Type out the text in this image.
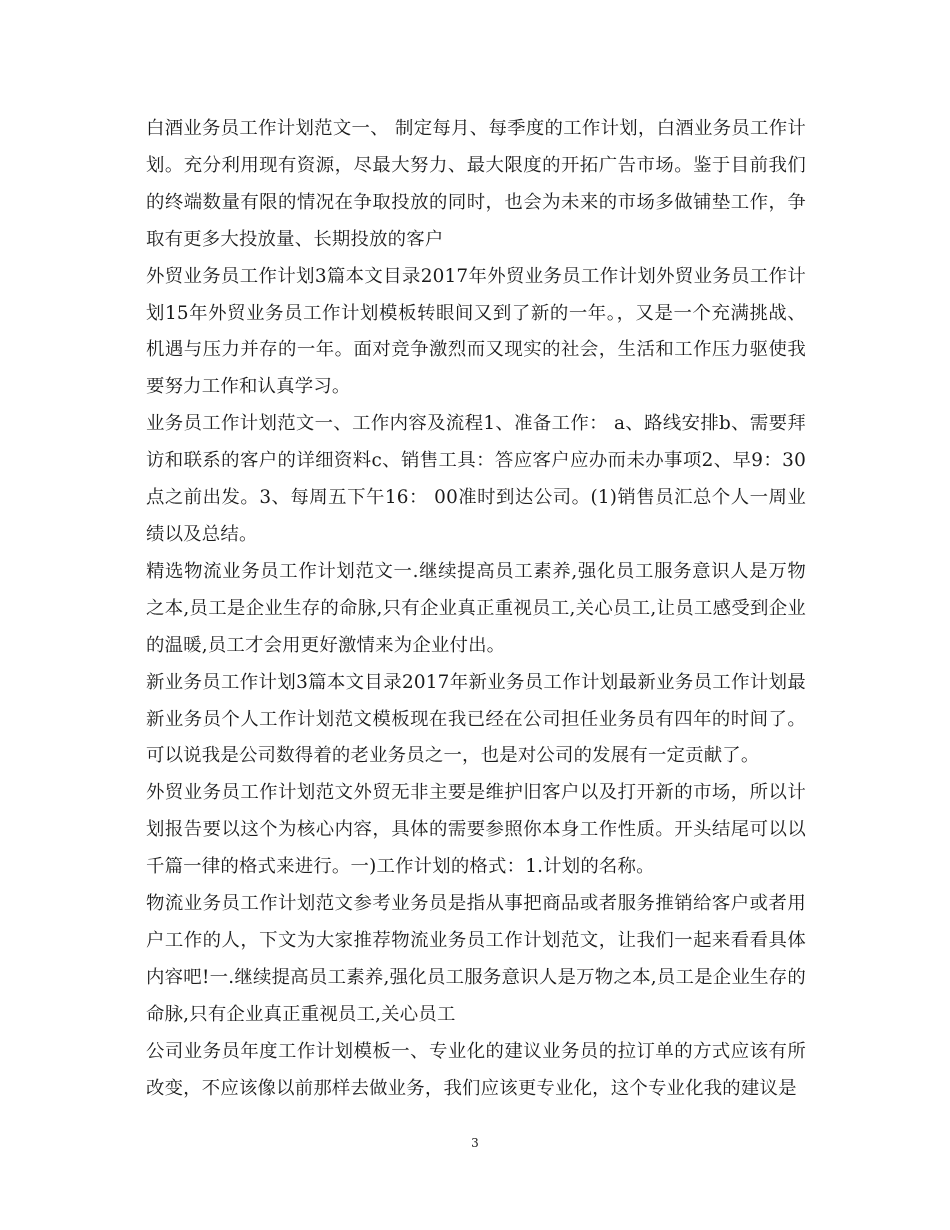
白酒业务员工作计划范文一、 制定每月、每季度的工作计划，白酒业务员工作计划。充分利用现有资源，尽最大努力、最大限度的开拓广告市场。鉴于目前我们的终端数量有限的情况在争取投放的同时，也会为未来的市场多做铺垫工作，争取有更多大投放量、长期投放的客户

外贸业务员工作计划3篇本文目录2017年外贸业务员工作计划外贸业务员工作计划15年外贸业务员工作计划模板转眼间又到了新的一年。，又是一个充满挑战、机遇与压力并存的一年。面对竞争激烈而又现实的社会，生活和工作压力驱使我要努力工作和认真学习。

业务员工作计划范文一、工作内容及流程1、准备工作： a、路线安排b、需要拜访和联系的客户的详细资料c、销售工具：答应客户应办而未办事项2、早9：30点之前出发。3、每周五下午16： 00准时到达公司。(1)销售员汇总个人一周业绩以及总结。

精选物流业务员工作计划范文一.继续提高员工素养,强化员工服务意识人是万物之本,员工是企业生存的命脉,只有企业真正重视员工,关心员工,让员工感受到企业的温暖,员工才会用更好激情来为企业付出。

新业务员工作计划3篇本文目录2017年新业务员工作计划最新业务员工作计划最新业务员个人工作计划范文模板现在我已经在公司担任业务员有四年的时间了。可以说我是公司数得着的老业务员之一，也是对公司的发展有一定贡献了。

外贸业务员工作计划范文外贸无非主要是维护旧客户以及打开新的市场，所以计划报告要以这个为核心内容，具体的需要参照你本身工作性质。开头结尾可以以千篇一律的格式来进行。一)工作计划的格式：1.计划的名称。

物流业务员工作计划范文参考业务员是指从事把商品或者服务推销给客户或者用户工作的人，下文为大家推荐物流业务员工作计划范文，让我们一起来看看具体内容吧!一.继续提高员工素养,强化员工服务意识人是万物之本,员工是企业生存的命脉,只有企业真正重视员工,关心员工

公司业务员年度工作计划模板一、专业化的建议业务员的拉订单的方式应该有所改变，不应该像以前那样去做业务，我们应该更专业化，这个专业化我的建议是

3
